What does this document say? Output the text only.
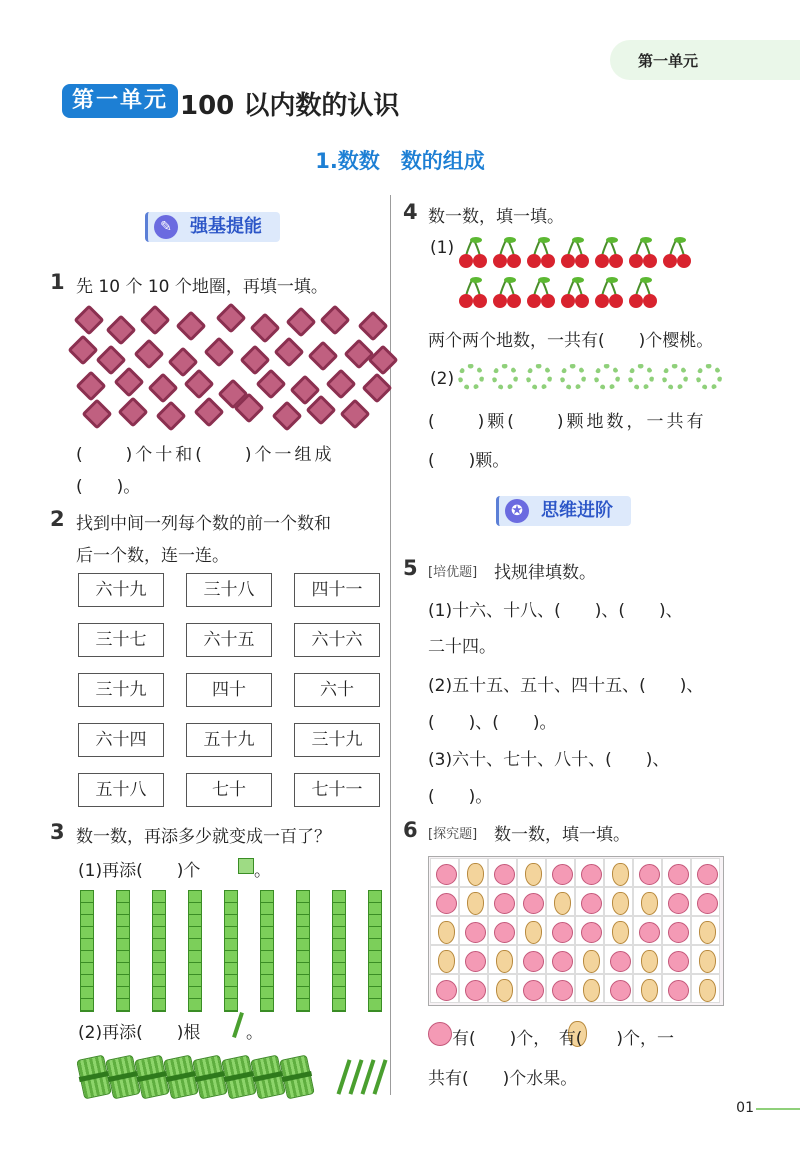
第一单元
第一单元 100 以内数的认识
1.数数　数的组成
✎	强基提能
1 先 10 个 10 个地圈，再填一填。
(　　)个十和(　　)个一组成
(　　)。
2 找到中间一列每个数的前一个数和
后一个数，连一连。
六十九	三十八	四十一
三十七	六十五	六十六
三十九	四十	六十
六十四	五十九	三十九
五十八	七十	七十一
3 数一数，再添多少就变成一百了？
(1)再添(　　)个	。
(2)再添(　　)根	。
4 数一数，填一填。
(1)
两个两个地数，一共有(　　)个樱桃。
(2)
(　　)颗(　　)颗地数，一共有
(　　)颗。
✪	思维进阶
5 [培优题] 找规律填数。
(1)十六、十八、(　　)、(　　)、
二十四。
(2)五十五、五十、四十五、(　　)、
(　　)、(　　)。
(3)六十、七十、八十、(　　)、
(　　)。
6 [探究题] 数一数，填一填。
有(　　)个，　有(　　)个，一
共有(　　)个水果。
01
